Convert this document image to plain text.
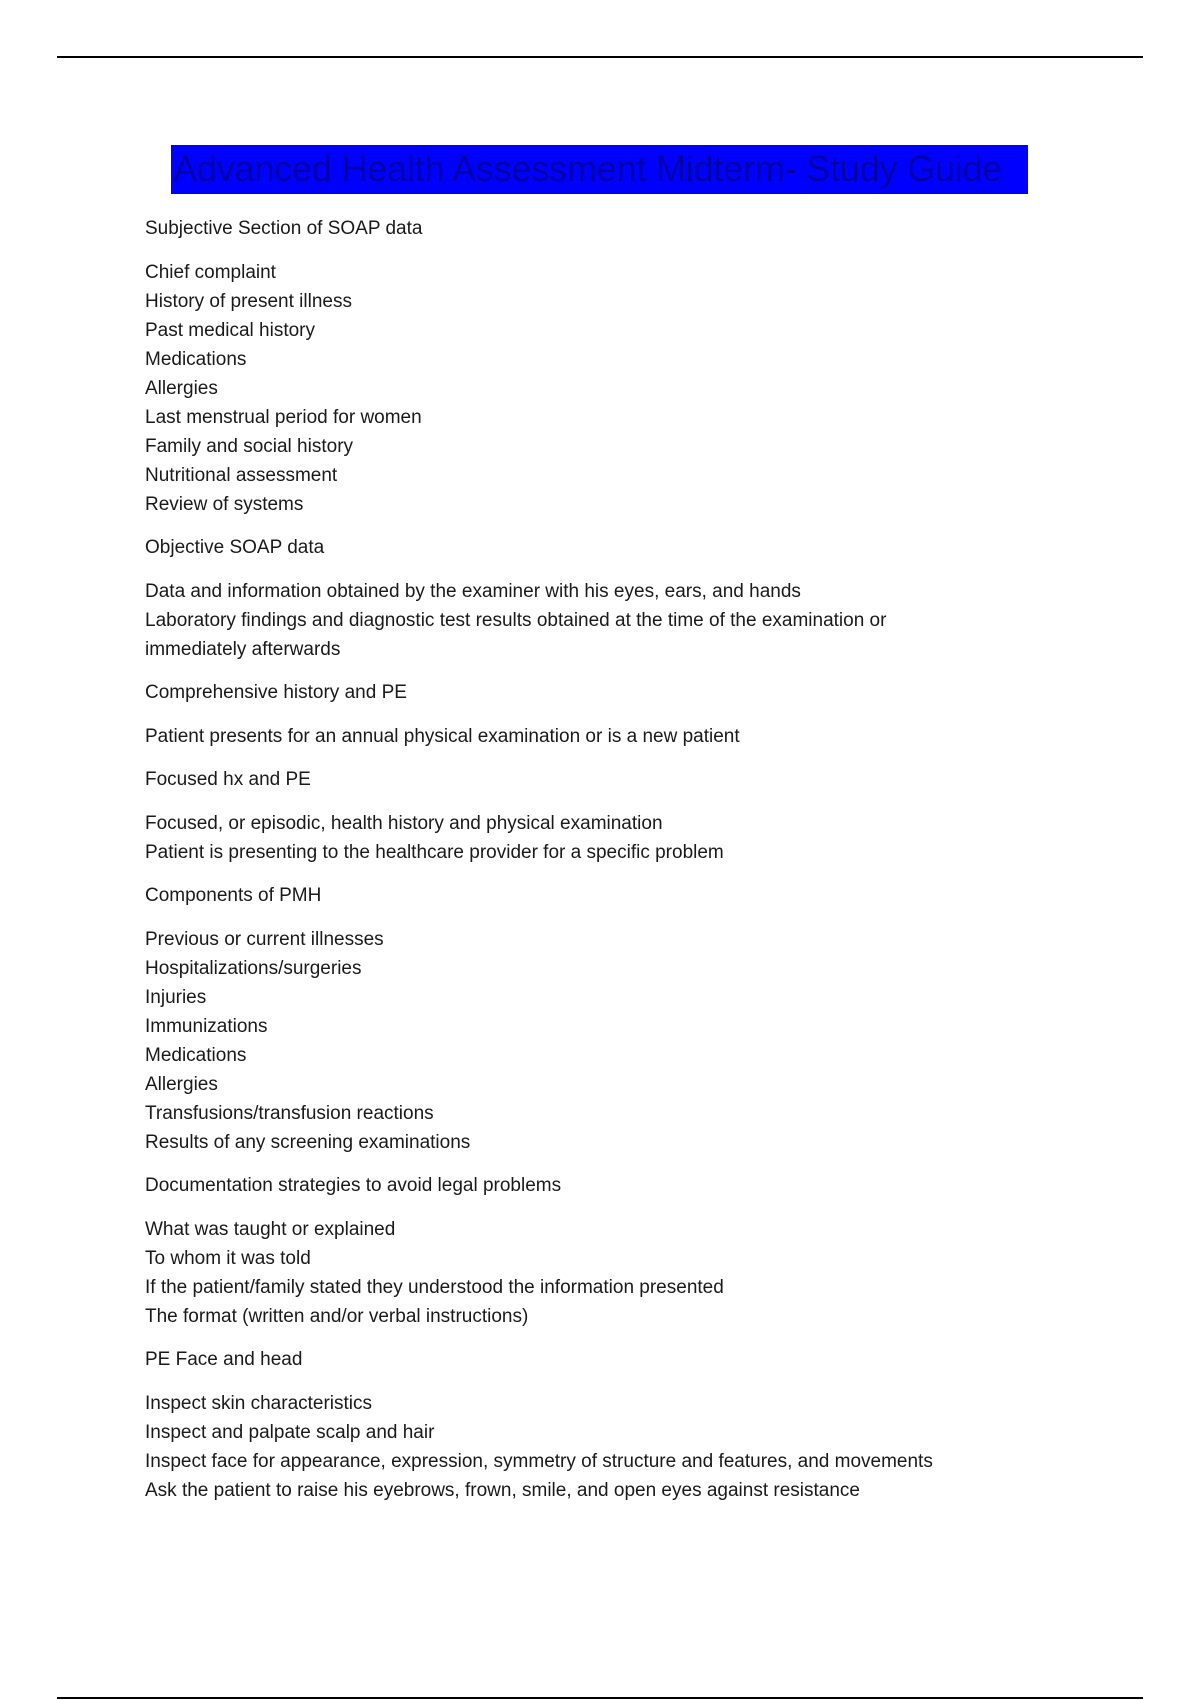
Advanced Health Assessment Midterm- Study Guide
Subjective Section of SOAP data
Chief complaint
History of present illness
Past medical history
Medications
Allergies
Last menstrual period for women
Family and social history
Nutritional assessment
Review of systems
Objective SOAP data
Data and information obtained by the examiner with his eyes, ears, and hands
Laboratory findings and diagnostic test results obtained at the time of the examination or
immediately afterwards
Comprehensive history and PE
Patient presents for an annual physical examination or is a new patient
Focused hx and PE
Focused, or episodic, health history and physical examination
Patient is presenting to the healthcare provider for a specific problem
Components of PMH
Previous or current illnesses
Hospitalizations/surgeries
Injuries
Immunizations
Medications
Allergies
Transfusions/transfusion reactions
Results of any screening examinations
Documentation strategies to avoid legal problems
What was taught or explained
To whom it was told
If the patient/family stated they understood the information presented
The format (written and/or verbal instructions)
PE Face and head
Inspect skin characteristics
Inspect and palpate scalp and hair
Inspect face for appearance, expression, symmetry of structure and features, and movements
Ask the patient to raise his eyebrows, frown, smile, and open eyes against resistance
